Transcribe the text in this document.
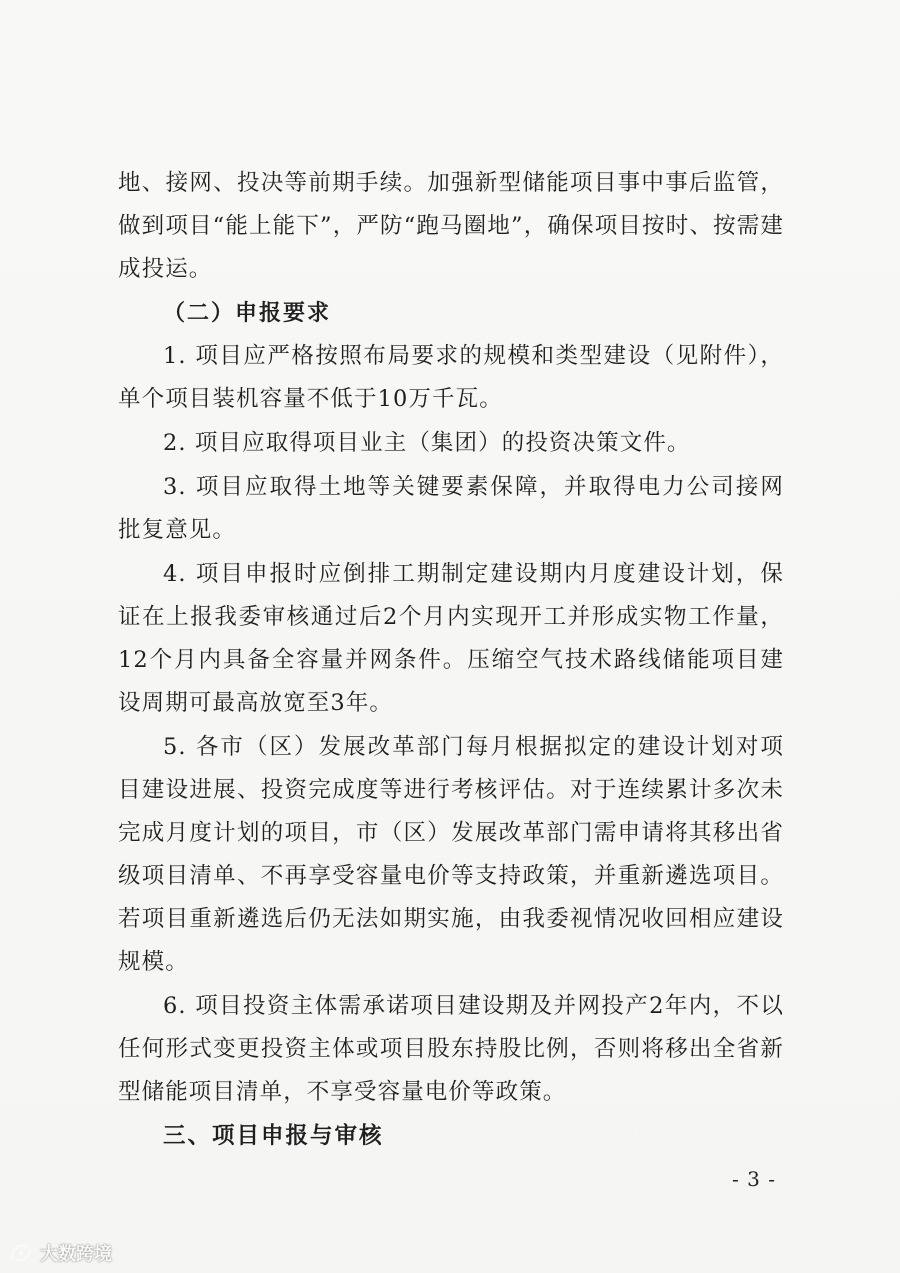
地、接网、投决等前期手续。加强新型储能项目事中事后监管，做到项目“能上能下”，严防“跑马圈地”，确保项目按时、按需建成投运。

（二）申报要求

1. 项目应严格按照布局要求的规模和类型建设（见附件），单个项目装机容量不低于10万千瓦。

2. 项目应取得项目业主（集团）的投资决策文件。

3. 项目应取得土地等关键要素保障，并取得电力公司接网批复意见。

4. 项目申报时应倒排工期制定建设期内月度建设计划，保证在上报我委审核通过后2个月内实现开工并形成实物工作量，12个月内具备全容量并网条件。压缩空气技术路线储能项目建设周期可最高放宽至3年。

5. 各市（区）发展改革部门每月根据拟定的建设计划对项目建设进展、投资完成度等进行考核评估。对于连续累计多次未完成月度计划的项目，市（区）发展改革部门需申请将其移出省级项目清单、不再享受容量电价等支持政策，并重新遴选项目。若项目重新遴选后仍无法如期实施，由我委视情况收回相应建设规模。

6. 项目投资主体需承诺项目建设期及并网投产2年内，不以任何形式变更投资主体或项目股东持股比例，否则将移出全省新型储能项目清单，不享受容量电价等政策。

三、项目申报与审核

- 3 -
大数跨境
